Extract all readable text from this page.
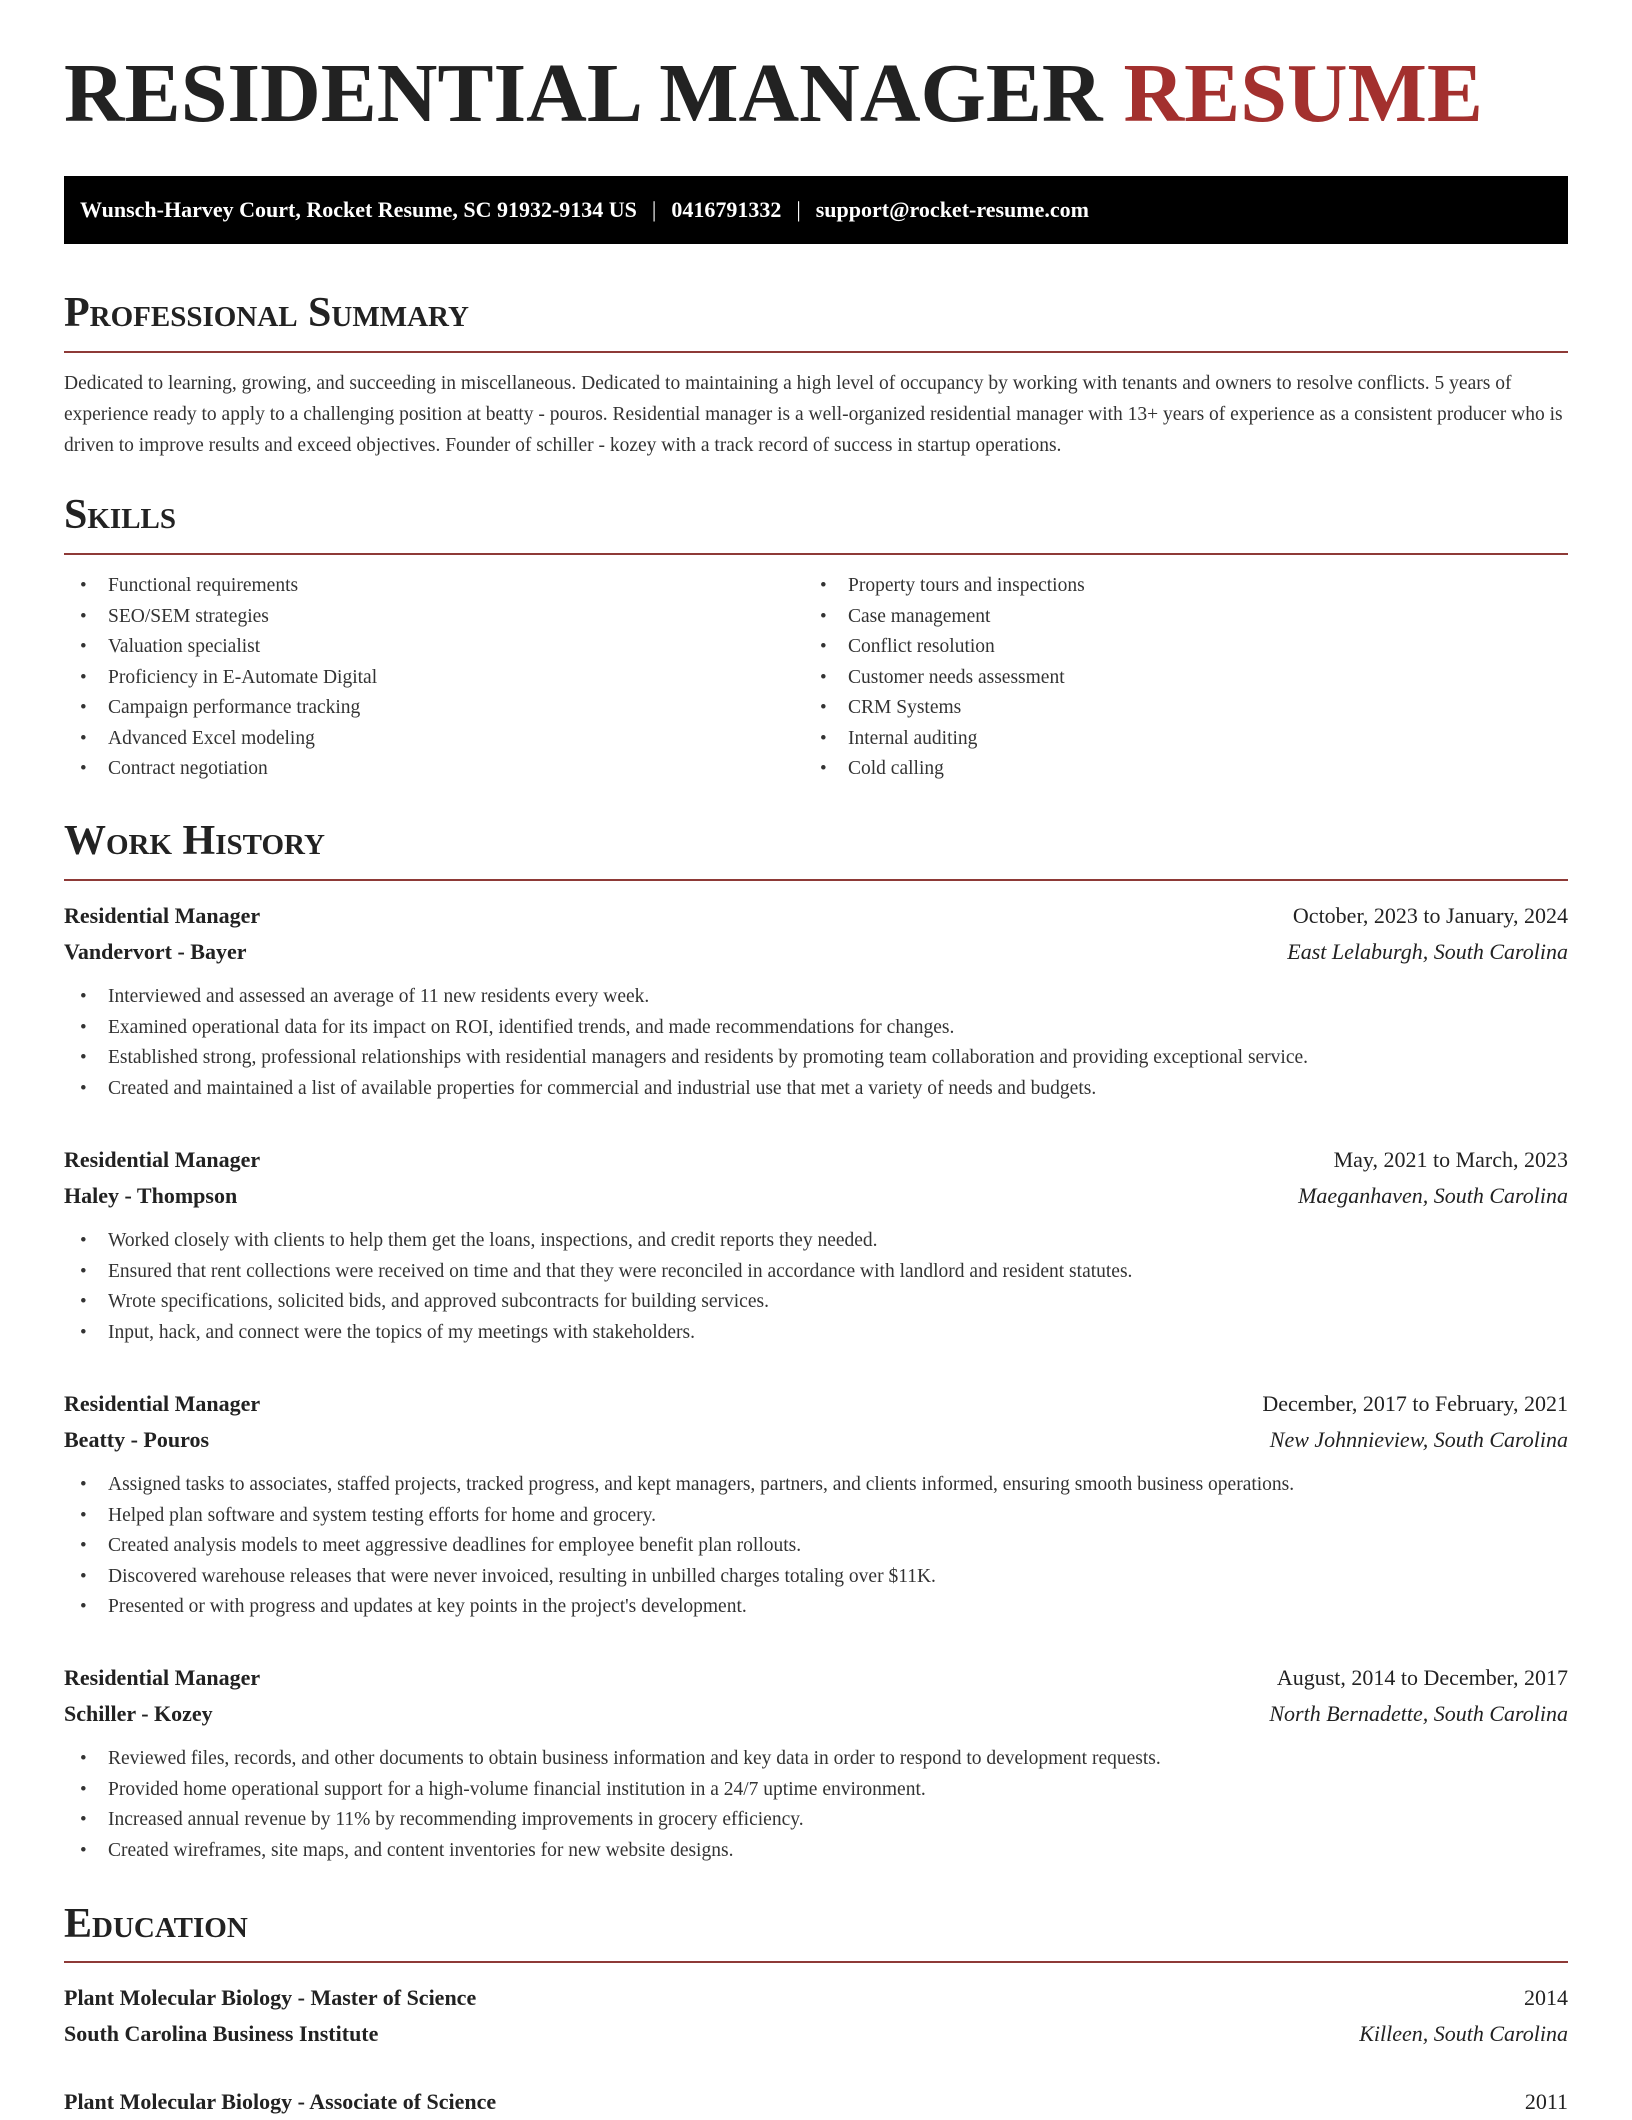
RESIDENTIAL MANAGER RESUME
Wunsch-Harvey Court, Rocket Resume, SC 91932-9134 US | 0416791332 | support@rocket-resume.com
Professional Summary
Dedicated to learning, growing, and succeeding in miscellaneous. Dedicated to maintaining a high level of occupancy by working with tenants and owners to resolve conflicts. 5 years of experience ready to apply to a challenging position at beatty - pouros. Residential manager is a well-organized residential manager with 13+ years of experience as a consistent producer who is driven to improve results and exceed objectives. Founder of schiller - kozey with a track record of success in startup operations.
Skills
• Functional requirements
• SEO/SEM strategies
• Valuation specialist
• Proficiency in E-Automate Digital
• Campaign performance tracking
• Advanced Excel modeling
• Contract negotiation
• Property tours and inspections
• Case management
• Conflict resolution
• Customer needs assessment
• CRM Systems
• Internal auditing
• Cold calling
Work History
Residential Manager	October, 2023 to January, 2024
Vandervort - Bayer	East Lelaburgh, South Carolina
• Interviewed and assessed an average of 11 new residents every week.
• Examined operational data for its impact on ROI, identified trends, and made recommendations for changes.
• Established strong, professional relationships with residential managers and residents by promoting team collaboration and providing exceptional service.
• Created and maintained a list of available properties for commercial and industrial use that met a variety of needs and budgets.
Residential Manager	May, 2021 to March, 2023
Haley - Thompson	Maeganhaven, South Carolina
• Worked closely with clients to help them get the loans, inspections, and credit reports they needed.
• Ensured that rent collections were received on time and that they were reconciled in accordance with landlord and resident statutes.
• Wrote specifications, solicited bids, and approved subcontracts for building services.
• Input, hack, and connect were the topics of my meetings with stakeholders.
Residential Manager	December, 2017 to February, 2021
Beatty - Pouros	New Johnnieview, South Carolina
• Assigned tasks to associates, staffed projects, tracked progress, and kept managers, partners, and clients informed, ensuring smooth business operations.
• Helped plan software and system testing efforts for home and grocery.
• Created analysis models to meet aggressive deadlines for employee benefit plan rollouts.
• Discovered warehouse releases that were never invoiced, resulting in unbilled charges totaling over $11K.
• Presented or with progress and updates at key points in the project's development.
Residential Manager	August, 2014 to December, 2017
Schiller - Kozey	North Bernadette, South Carolina
• Reviewed files, records, and other documents to obtain business information and key data in order to respond to development requests.
• Provided home operational support for a high-volume financial institution in a 24/7 uptime environment.
• Increased annual revenue by 11% by recommending improvements in grocery efficiency.
• Created wireframes, site maps, and content inventories for new website designs.
Education
Plant Molecular Biology - Master of Science	2014
South Carolina Business Institute	Killeen, South Carolina
Plant Molecular Biology - Associate of Science	2011
